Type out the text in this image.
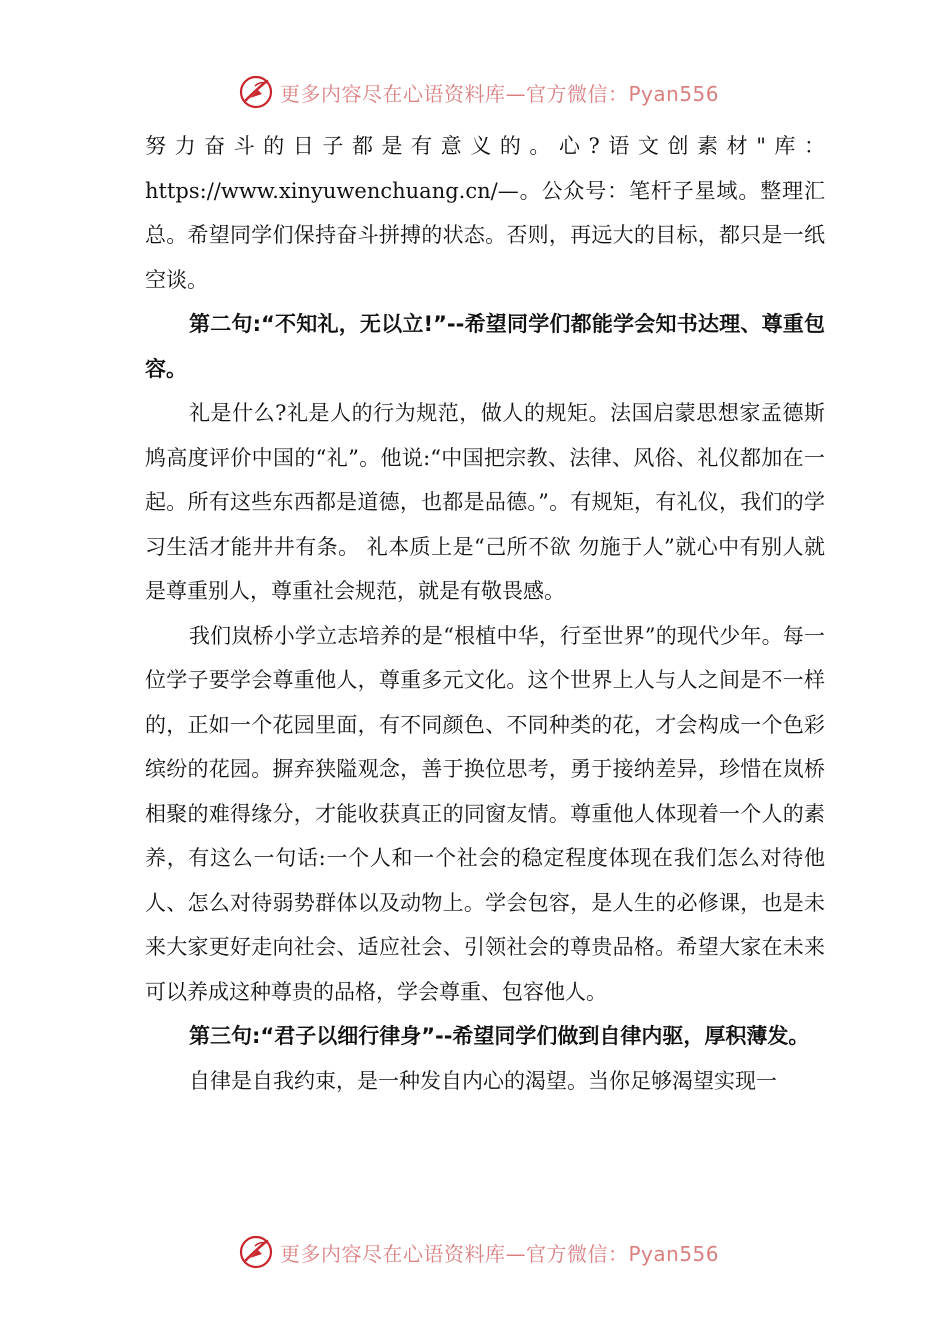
更多内容尽在心语资料库—官方微信：Pyan556

努力奋斗的日子都是有意义的。心?语文创素材"库：https://www.xinyuwenchuang.cn/—。公众号：笔杆子星域。整理汇总。希望同学们保持奋斗拼搏的状态。否则，再远大的目标，都只是一纸空谈。

第二句:“不知礼，无以立!”--希望同学们都能学会知书达理、尊重包容。

礼是什么?礼是人的行为规范，做人的规矩。法国启蒙思想家孟德斯鸠高度评价中国的“礼”。他说:“中国把宗教、法律、风俗、礼仪都加在一起。所有这些东西都是道德，也都是品德。”。有规矩，有礼仪，我们的学习生活才能井井有条。 礼本质上是“己所不欲 勿施于人”就心中有别人就是尊重别人，尊重社会规范，就是有敬畏感。

我们岚桥小学立志培养的是“根植中华，行至世界”的现代少年。每一位学子要学会尊重他人，尊重多元文化。这个世界上人与人之间是不一样的，正如一个花园里面，有不同颜色、不同种类的花，才会构成一个色彩缤纷的花园。摒弃狭隘观念，善于换位思考，勇于接纳差异，珍惜在岚桥相聚的难得缘分，才能收获真正的同窗友情。尊重他人体现着一个人的素养，有这么一句话:一个人和一个社会的稳定程度体现在我们怎么对待他人、怎么对待弱势群体以及动物上。学会包容，是人生的必修课，也是未来大家更好走向社会、适应社会、引领社会的尊贵品格。希望大家在未来可以养成这种尊贵的品格，学会尊重、包容他人。

第三句:“君子以细行律身”--希望同学们做到自律内驱，厚积薄发。

自律是自我约束，是一种发自内心的渴望。当你足够渴望实现一

更多内容尽在心语资料库—官方微信：Pyan556
